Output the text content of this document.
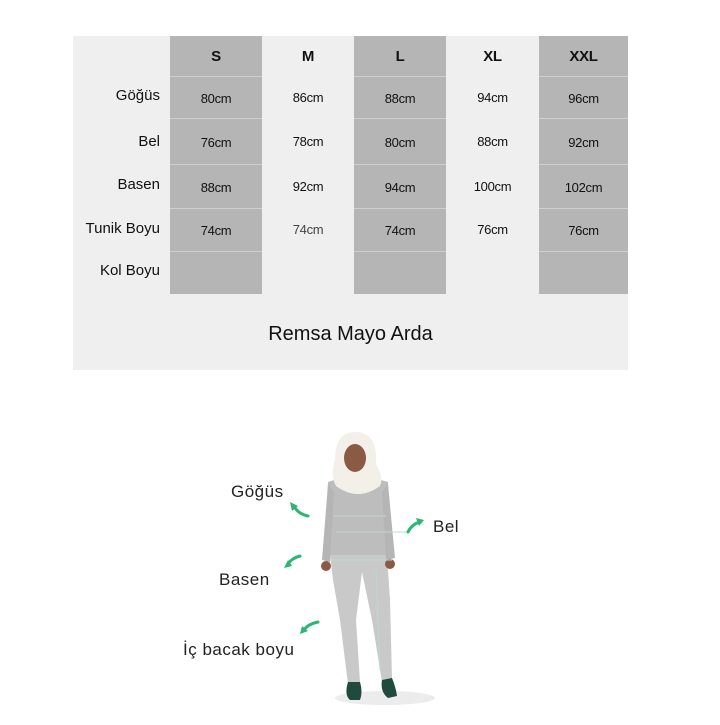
S
80cm
76cm
88cm
74cm
M
86cm
78cm
92cm
74cm
L
88cm
80cm
94cm
74cm
XL
94cm
88cm
100cm
76cm
XXL
96cm
92cm
102cm
76cm
Göğüs
Bel
Basen
Tunik Boyu
Kol Boyu
Remsa Mayo Arda
Göğüs
Bel
Basen
İç bacak boyu
